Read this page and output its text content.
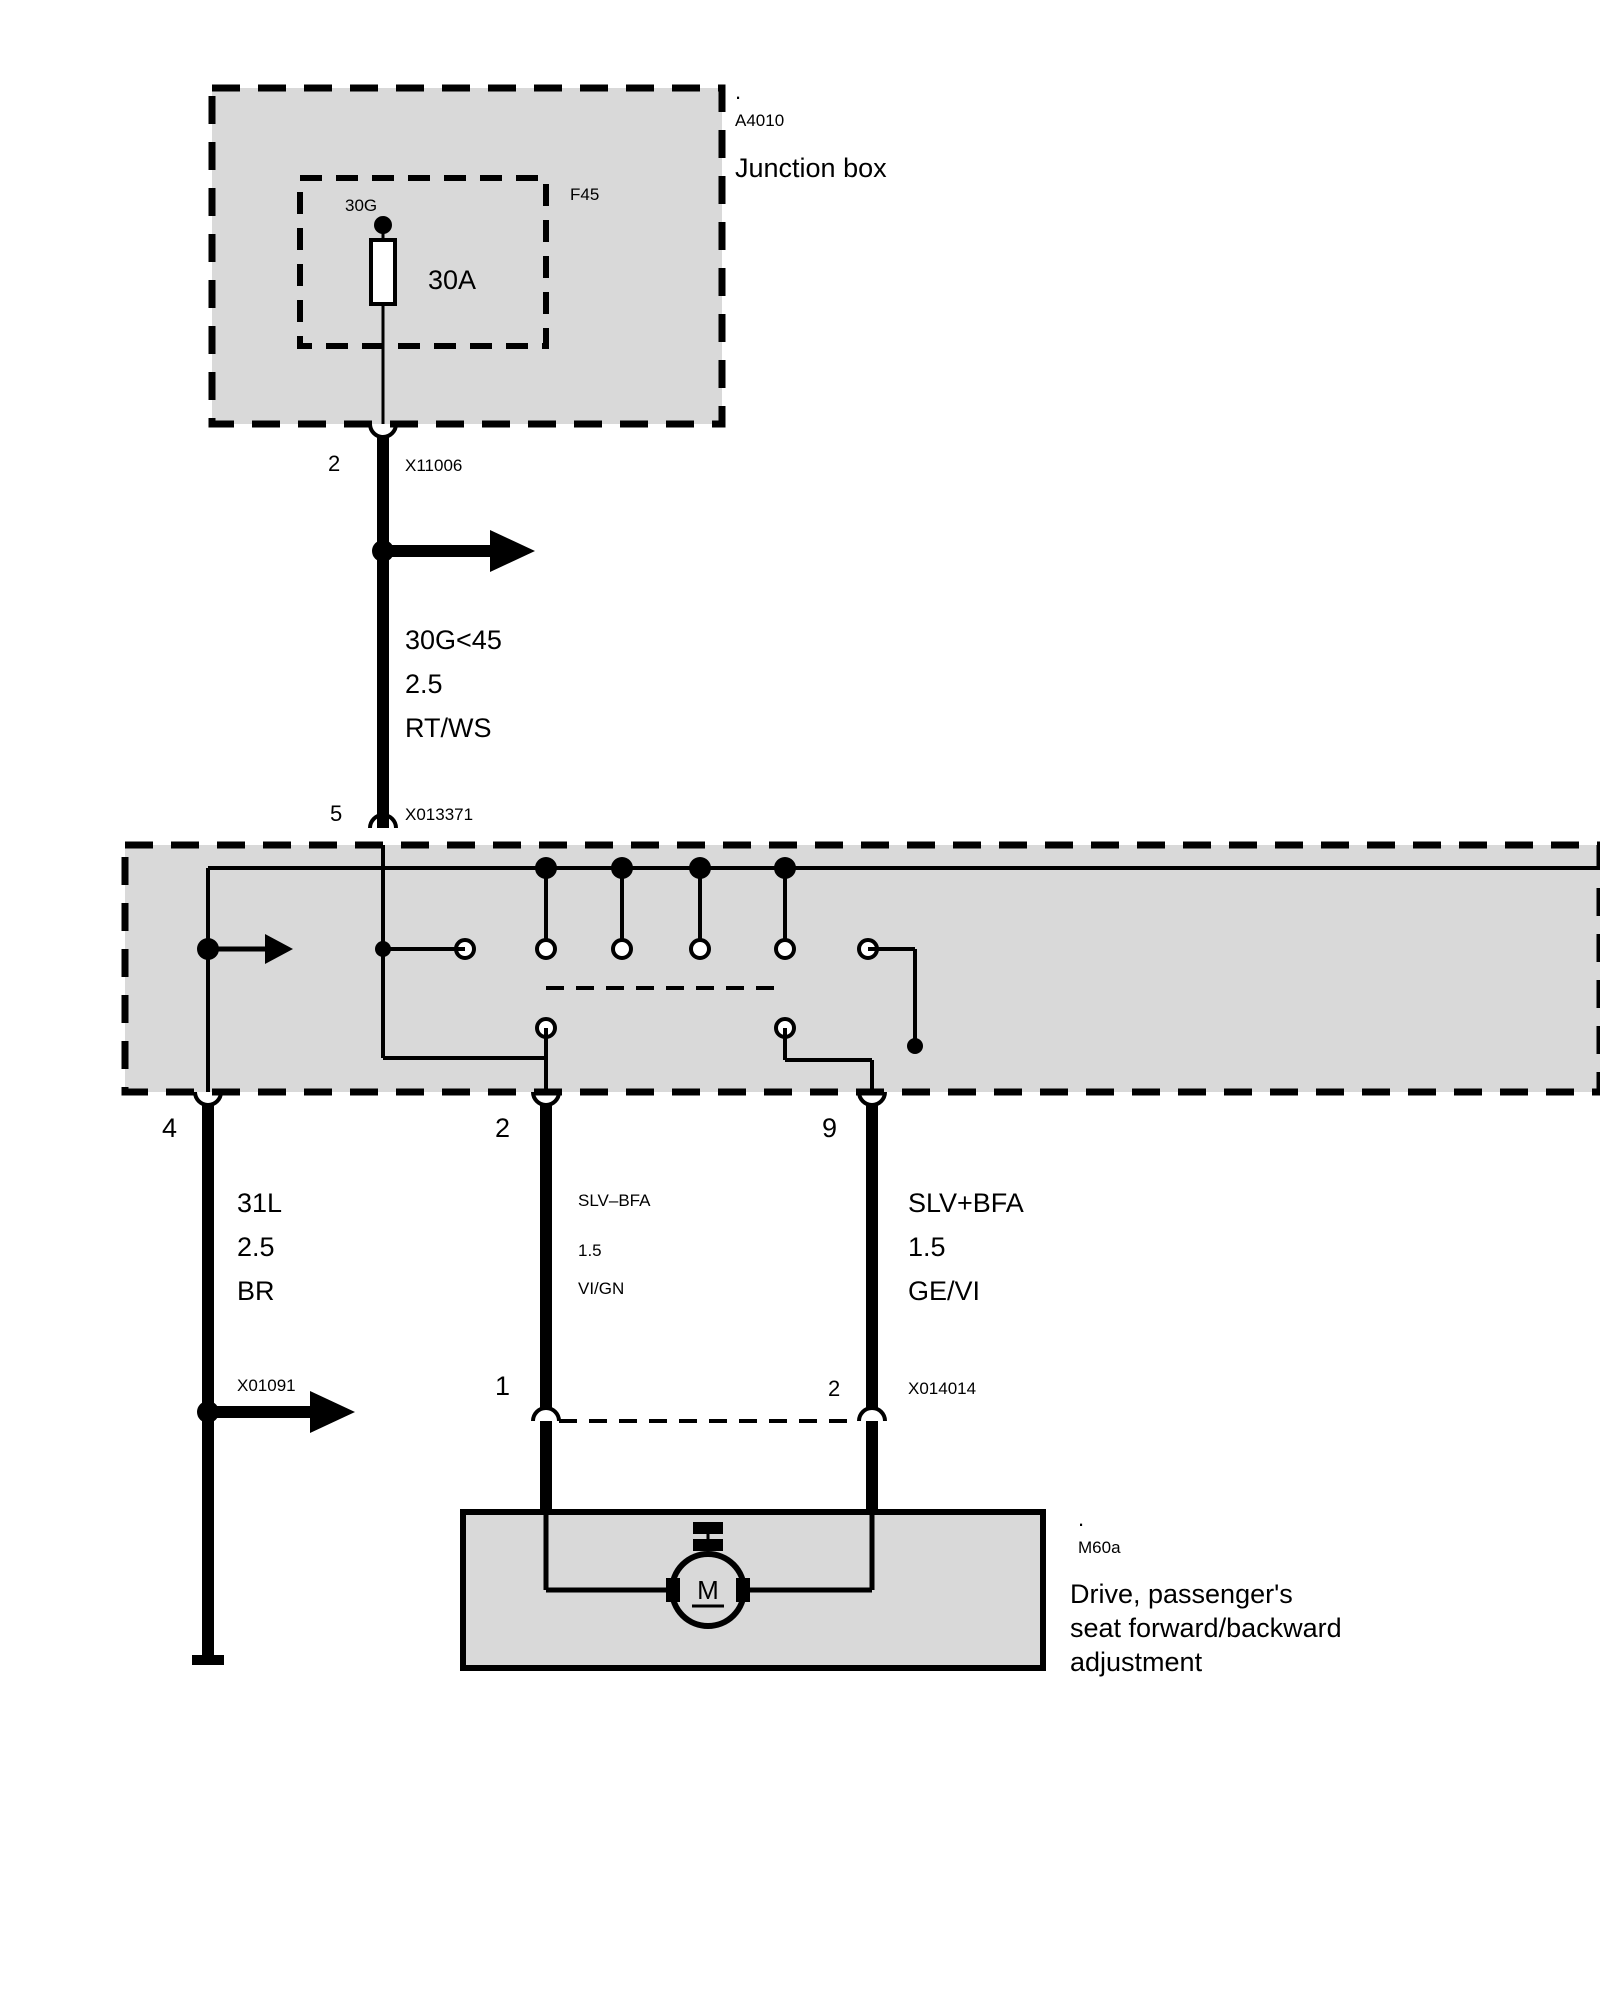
M
.
A4010
Junction box
F45
30G
30A
2	X11006
30G<45
2.5
RT/WS
5	X013371
4
31L
2.5
BR
X01091
2
SLV–BFA
1.5
VI/GN
1
9
SLV+BFA
1.5
GE/VI
2	X014014
.
M60a
Drive, passenger's
seat forward/backward
adjustment
